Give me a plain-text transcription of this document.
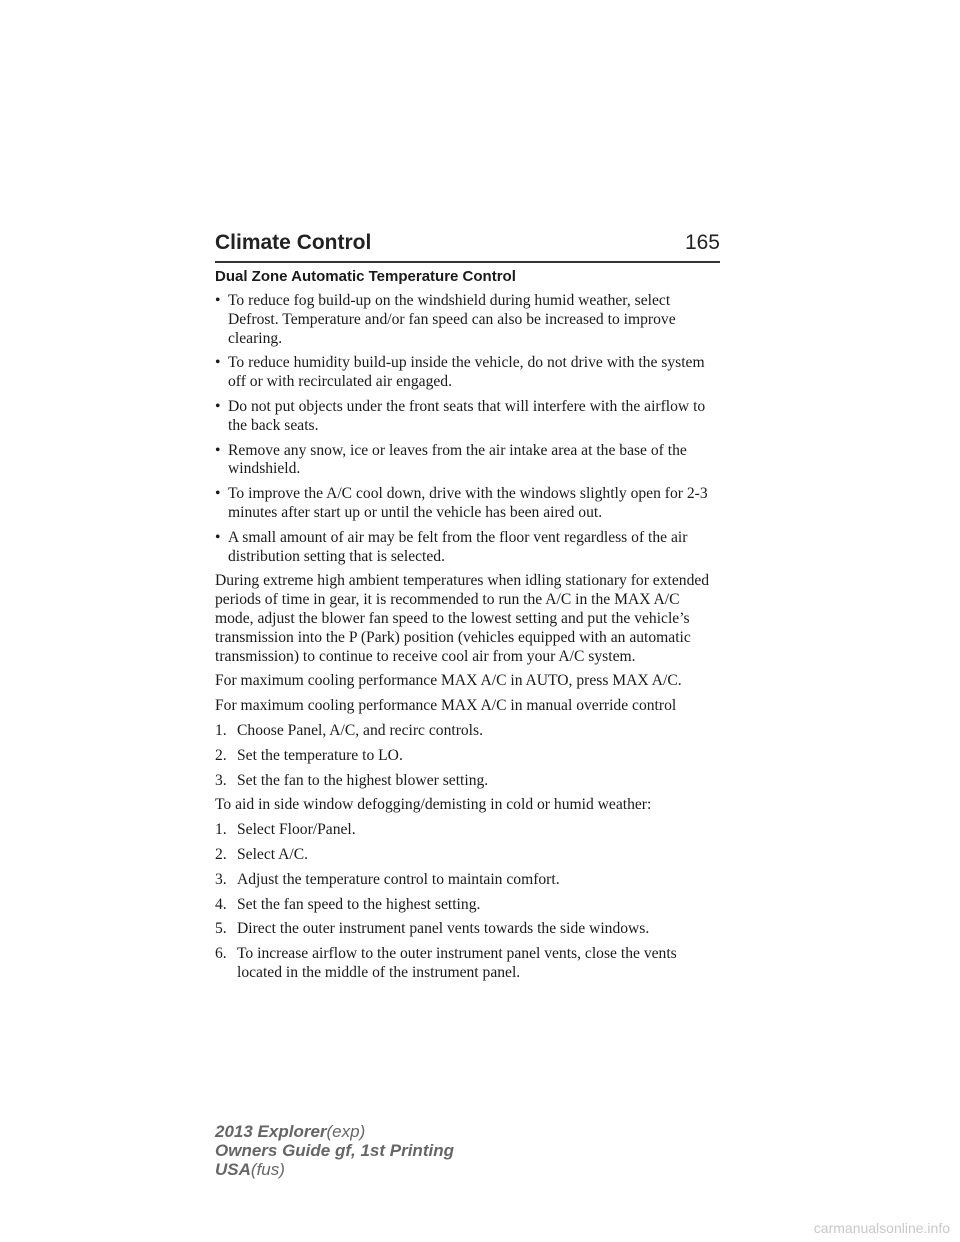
Climate Control	165
Dual Zone Automatic Temperature Control
• To reduce fog build-up on the windshield during humid weather, select Defrost. Temperature and/or fan speed can also be increased to improve clearing.
• To reduce humidity build-up inside the vehicle, do not drive with the system off or with recirculated air engaged.
• Do not put objects under the front seats that will interfere with the airflow to the back seats.
• Remove any snow, ice or leaves from the air intake area at the base of the windshield.
• To improve the A/C cool down, drive with the windows slightly open for 2-3 minutes after start up or until the vehicle has been aired out.
• A small amount of air may be felt from the floor vent regardless of the air distribution setting that is selected.
During extreme high ambient temperatures when idling stationary for extended periods of time in gear, it is recommended to run the A/C in the MAX A/C mode, adjust the blower fan speed to the lowest setting and put the vehicle’s transmission into the P (Park) position (vehicles equipped with an automatic transmission) to continue to receive cool air from your A/C system.
For maximum cooling performance MAX A/C in AUTO, press MAX A/C.
For maximum cooling performance MAX A/C in manual override control
1. Choose Panel, A/C, and recirc controls.
2. Set the temperature to LO.
3. Set the fan to the highest blower setting.
To aid in side window defogging/demisting in cold or humid weather:
1. Select Floor/Panel.
2. Select A/C.
3. Adjust the temperature control to maintain comfort.
4. Set the fan speed to the highest setting.
5. Direct the outer instrument panel vents towards the side windows.
6. To increase airflow to the outer instrument panel vents, close the vents located in the middle of the instrument panel.
2013 Explorer(exp)
Owners Guide gf, 1st Printing
USA(fus)
carmanualsonline.info
